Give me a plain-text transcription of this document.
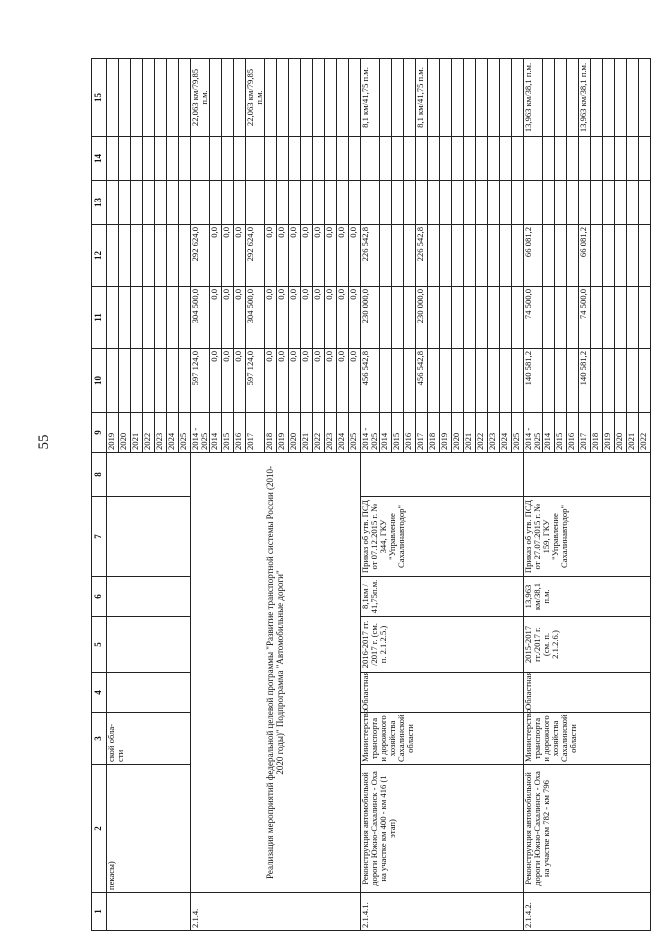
55
1	2	3	4	5	6	7	8	9	10	11	12	13	14	15
	пекасы)	ской обла-сти						2019						
								2020						
								2021						
								2022						
								2023						
								2024						
								2025						
2.1.4.	Реализация мероприятий федеральной целевой программы "Развитие транспортной системы России (2010-2020 годы)" Подпрограмма "Автомобильные дороги"							2014 - 2025	597 124,0	304 500,0	292 624,0			22,063 км/79,85 п.м.
								2014	0,0	0,0	0,0			
								2015	0,0	0,0	0,0			
								2016	0,0	0,0	0,0			
								2017	597 124,0	304 500,0	292 624,0			22,063 км/79,85 п.м.
								2018	0,0	0,0	0,0			
								2019	0,0	0,0	0,0			
								2020	0,0	0,0	0,0			
								2021	0,0	0,0	0,0			
								2022	0,0	0,0	0,0			
								2023	0,0	0,0	0,0			
								2024	0,0	0,0	0,0			
								2025	0,0	0,0	0,0			
2.1.4.1.	Реконструкция автомобильной дороги Южно-Сахалинск - Оха на участке км 400 - км 416 (1 этап)	Министерство транспорта и дорожного хозяйства Сахалинской области	Областная	2016-2017 гг. /2017 г. (см. п. 2.1.2.5.)	8,1км / 41,75п.м.	Приказ об утв. ПСД от 07.12.2015 г. № 344, ГКУ "Управление Сахалинавтодор"		2014 - 2025	456 542,8	230 000,0	226 542,8			8,1 км/41,75 п.м.
								2014						
								2015						
								2016						
								2017	456 542,8	230 000,0	226 542,8			8,1 км/41,75 п.м.
								2018						
								2019						
								2020						
								2021						
								2022						
								2023						
								2024						
								2025						
2.1.4.2.	Реконструкция автомобильной дороги Южно-Сахалинск - Оха на участке км 782 - км 796	Министерство транспорта и дорожного хозяйства Сахалинской области	Областная	2015-2017 гг./2017 г. (см. п. 2.1.2.6.)	13,963 км/38,1 п.м.	Приказ об утв. ПСД от 27.07.2015 г. № 159, ГКУ "Управление Сахалинавтодор"		2014 - 2025	140 581,2	74 500,0	66 081,2			13,963 км/38,1 п.м.
								2014						
								2015						
								2016						
								2017	140 581,2	74 500,0	66 081,2			13,963 км/38,1 п.м.
								2018						
								2019						
								2020						
								2021						
								2022						
